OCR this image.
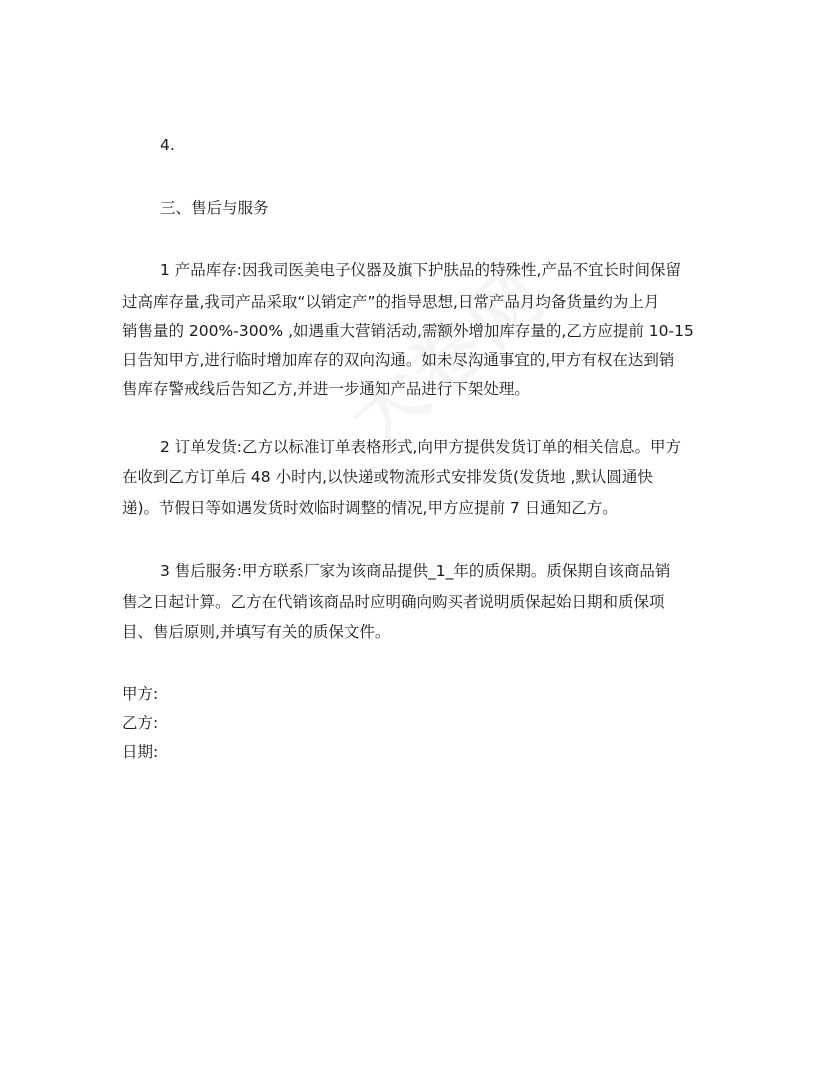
4.
三、售后与服务
1 产品库存:因我司医美电子仪器及旗下护肤品的特殊性,产品不宜长时间保留
过高库存量,我司产品采取“以销定产”的指导思想,日常产品月均备货量约为上月
销售量的 200%-300% ,如遇重大营销活动,需额外增加库存量的,乙方应提前 10-15
日告知甲方,进行临时增加库存的双向沟通。如未尽沟通事宜的,甲方有权在达到销
售库存警戒线后告知乙方,并进一步通知产品进行下架处理。
2 订单发货:乙方以标准订单表格形式,向甲方提供发货订单的相关信息。甲方
在收到乙方订单后 48 小时内,以快递或物流形式安排发货(发货地 ,默认圆通快
递)。节假日等如遇发货时效临时调整的情况,甲方应提前 7 日通知乙方。
3 售后服务:甲方联系厂家为该商品提供_1_年的质保期。质保期自该商品销
售之日起计算。乙方在代销该商品时应明确向购买者说明质保起始日期和质保项
目、售后原则,并填写有关的质保文件。
甲方:
乙方:
日期:
